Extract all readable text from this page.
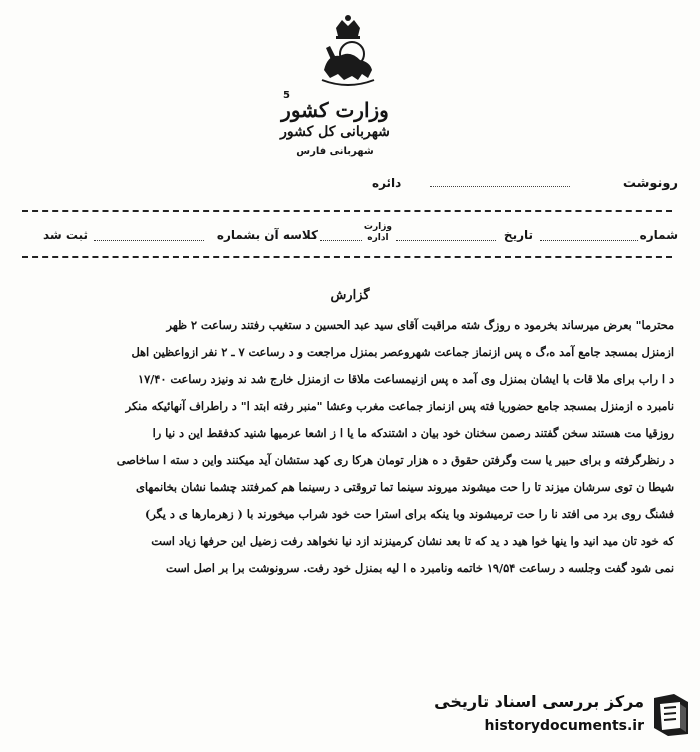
5
وزارت کشور
شهربانی کل کشور
شهربانی فارس
رونوشت
دائره
شماره
تاریخ
وزارت
اداره
کلاسه آن بشماره
ثبت شد
گزارش

محترما" بعرض میرساند بخرمود ه روزگ شته مراقبت آقای سید عبد الحسین د ستغیب رفتند رساعت ۲ ظهر

ازمنزل بمسجد جامع آمد ه،گ ه پس ازنماز جماعت شهروعصر بمنزل مراجعت و د رساعت ۷ ـ ۲ نفر ازواعظین اهل

د ا راب برای ملا قات با ایشان بمنزل وی آمد ه پس ازنیمساعت ملاقا ت ازمنزل خارج شد ند ونیزد رساعت ۱۷/۴۰

نامبرد ه ازمنزل بمسجد جامع حضوریا فته پس ازنماز جماعت مغرب وعشا "منبر رفته ابتد ا" د راطراف آنهائیکه منکر

روزقیا مت هستند سخن گفتند رصمن سخنان خود بیان د اشتندکه ما یا ا ز اشعا عرمیها شنید کدفقط این د نیا را

د رنظرگرفته و برای حبیر یا ست وگرفتن حقوق د ه هزار تومان هرکا ری کهد ستشان آید میکنند واین د سته ا ساخاصی

شیطا ن توی سرشان میزند تا را حت میشوند میروند سینما تما تروقتی د رسینما هم کمرفتند چشما نشان بخانمهای

فشنگ روی برد می افتد نا را حت ترمیشوند وبا ینکه برای استرا حت خود شراب میخورند با ( زهرمارها ی د یگر)

که خود تان مید انید وا ینها خوا هید د ید که تا بعد نشان کرمینزند ازد نیا نخواهد رفت زضیل این حرفها زیاد است

نمی شود گفت وجلسه د رساعت ۱۹/۵۴ خاتمه ونامبرد ه ا لیه بمنزل خود رفت. سرونوشت برا بر اصل است

مرکز بررسی اسناد تاریخی
historydocuments.ir
